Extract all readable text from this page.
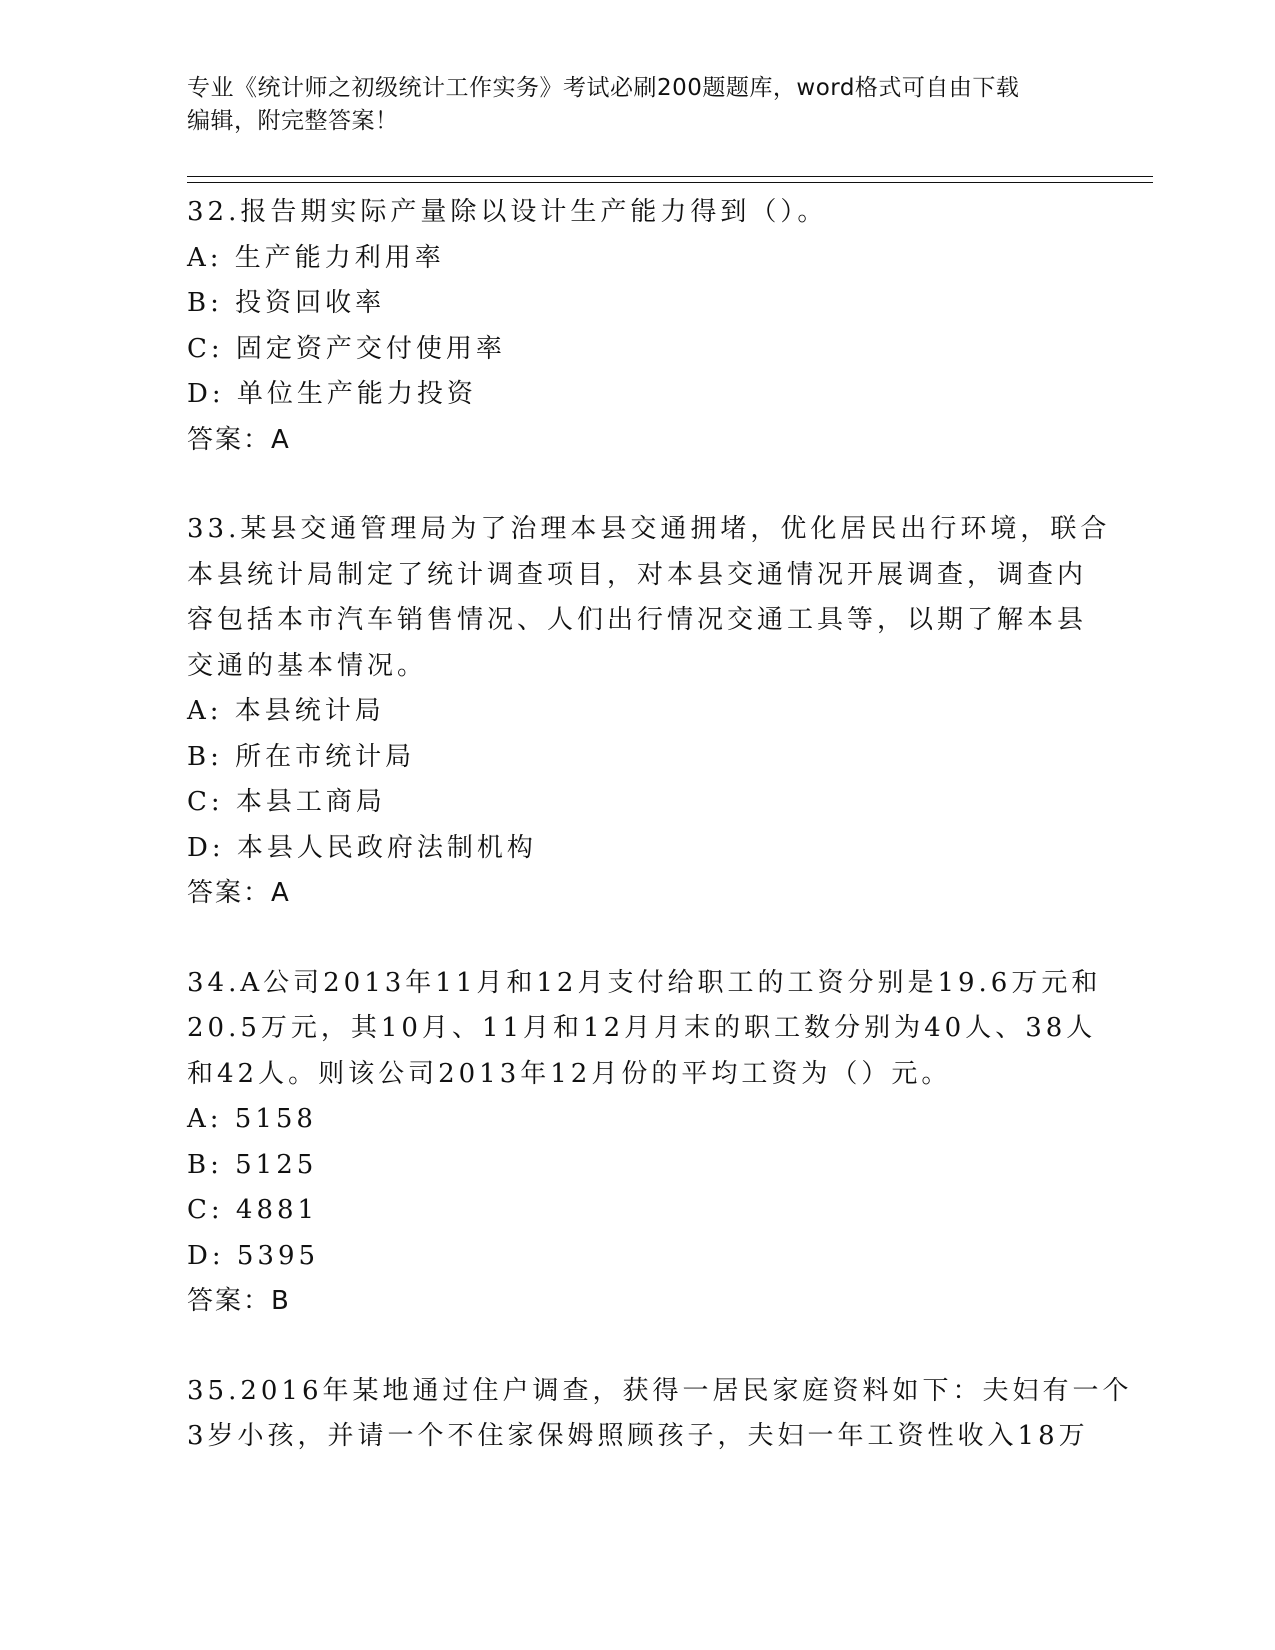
专业《统计师之初级统计工作实务》考试必刷200题题库，word格式可自由下载
编辑，附完整答案！
32.报告期实际产量除以设计生产能力得到（）。
A: 生产能力利用率
B: 投资回收率
C: 固定资产交付使用率
D: 单位生产能力投资
答案：A
33.某县交通管理局为了治理本县交通拥堵，优化居民出行环境，联合
本县统计局制定了统计调查项目，对本县交通情况开展调查，调查内
容包括本市汽车销售情况、人们出行情况交通工具等，以期了解本县
交通的基本情况。
A: 本县统计局
B: 所在市统计局
C: 本县工商局
D: 本县人民政府法制机构
答案：A
34.A公司2013年11月和12月支付给职工的工资分别是19.6万元和
20.5万元，其10月、11月和12月月末的职工数分别为40人、38人
和42人。则该公司2013年12月份的平均工资为（）元。
A: 5158
B: 5125
C: 4881
D: 5395
答案：B
35.2016年某地通过住户调查，获得一居民家庭资料如下：夫妇有一个
3岁小孩，并请一个不住家保姆照顾孩子，夫妇一年工资性收入18万
